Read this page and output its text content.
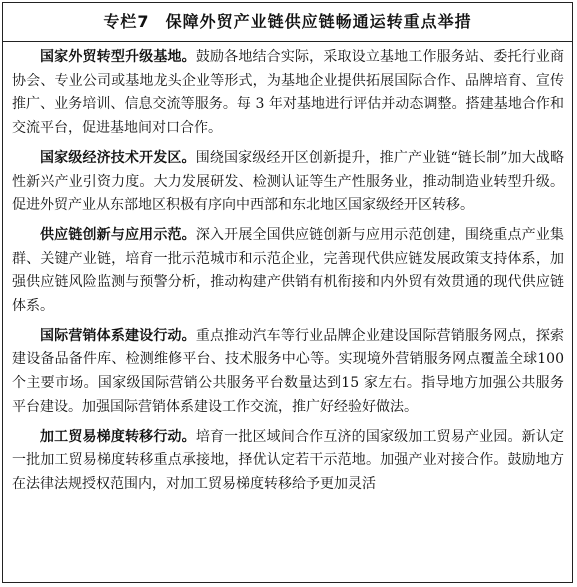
专栏7 保障外贸产业链供应链畅通运转重点举措

国家外贸转型升级基地。鼓励各地结合实际，采取设立基地工作服务站、委托行业商协会、专业公司或基地龙头企业等形式，为基地企业提供拓展国际合作、品牌培育、宣传推广、业务培训、信息交流等服务。每 3 年对基地进行评估并动态调整。搭建基地合作和交流平台，促进基地间对口合作。

国家级经济技术开发区。围绕国家级经开区创新提升，推广产业链“链长制”加大战略性新兴产业引资力度。大力发展研发、检测认证等生产性服务业，推动制造业转型升级。促进外贸产业从东部地区积极有序向中西部和东北地区国家级经开区转移。

供应链创新与应用示范。深入开展全国供应链创新与应用示范创建，围绕重点产业集群、关键产业链，培育一批示范城市和示范企业，完善现代供应链发展政策支持体系，加强供应链风险监测与预警分析，推动构建产供销有机衔接和内外贸有效贯通的现代供应链体系。

国际营销体系建设行动。重点推动汽车等行业品牌企业建设国际营销服务网点，探索建设备品备件库、检测维修平台、技术服务中心等。实现境外营销服务网点覆盖全球100 个主要市场。国家级国际营销公共服务平台数量达到15 家左右。指导地方加强公共服务平台建设。加强国际营销体系建设工作交流，推广好经验好做法。

加工贸易梯度转移行动。培育一批区域间合作互济的国家级加工贸易产业园。新认定一批加工贸易梯度转移重点承接地，择优认定若干示范地。加强产业对接合作。鼓励地方在法律法规授权范围内，对加工贸易梯度转移给予更加灵活
